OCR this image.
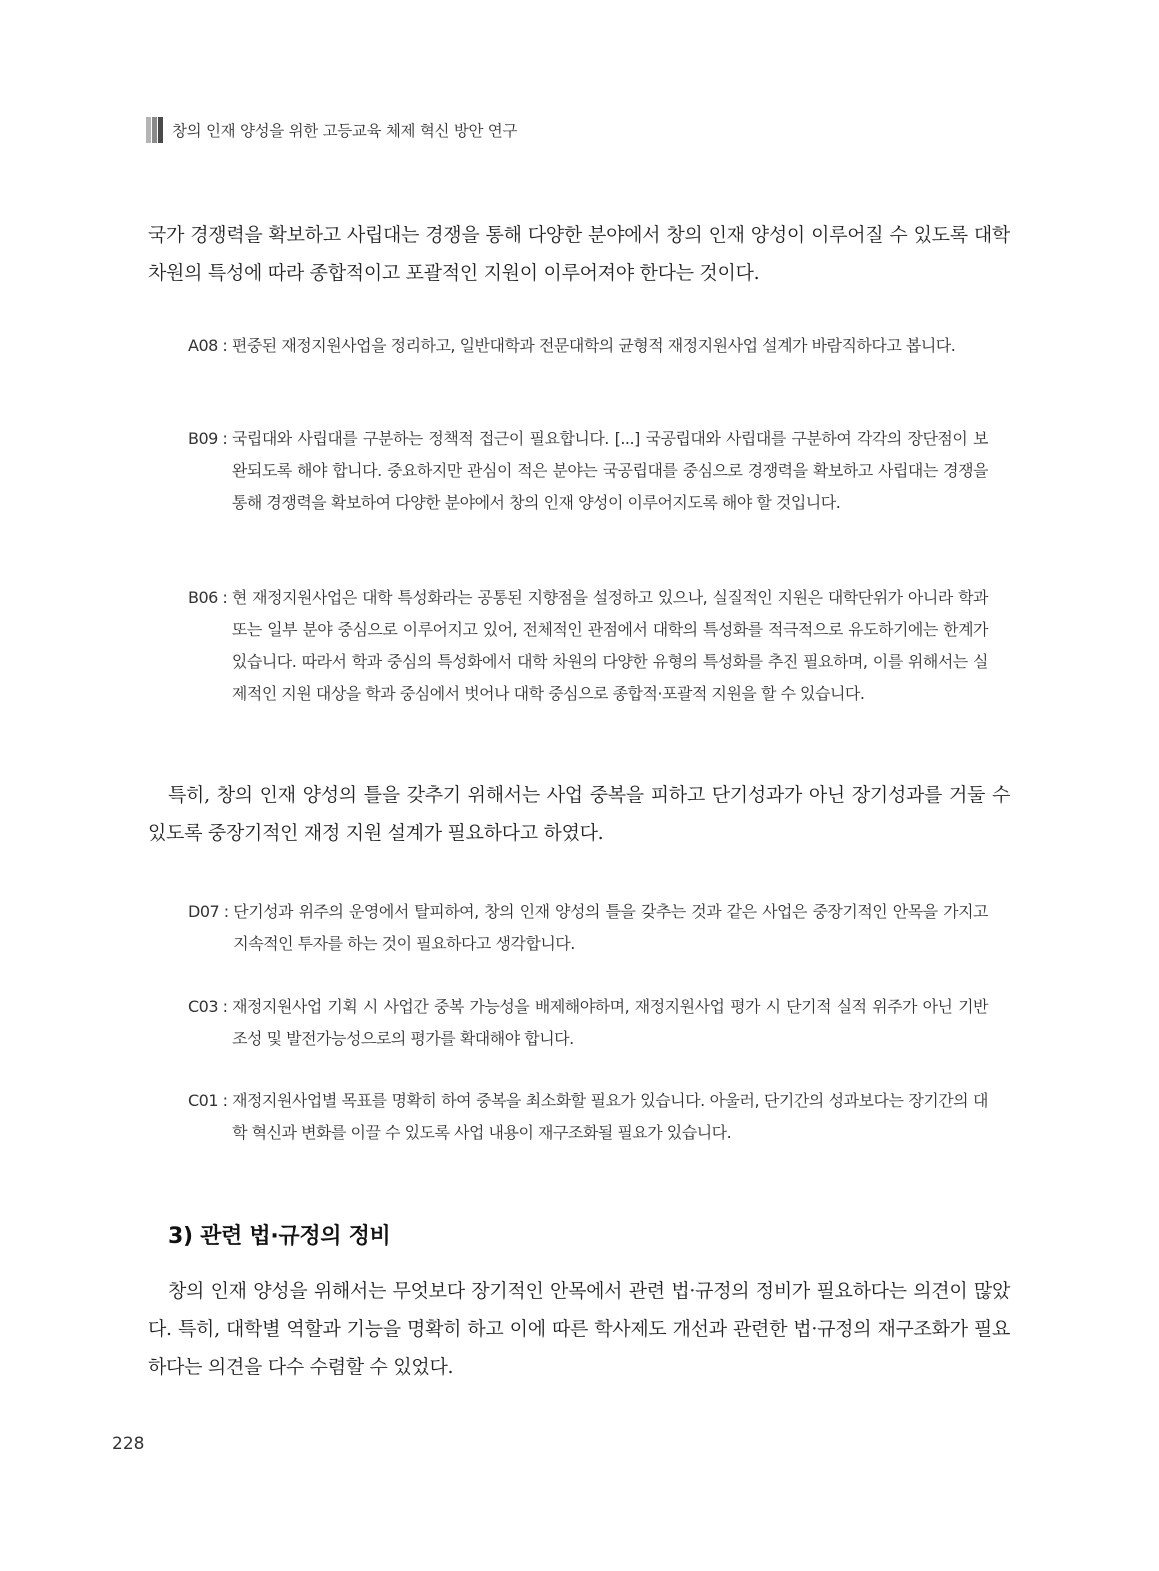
창의 인재 양성을 위한 고등교육 체제 혁신 방안 연구

국가 경쟁력을 확보하고 사립대는 경쟁을 통해 다양한 분야에서 창의 인재 양성이 이루어질 수 있도록 대학 차원의 특성에 따라 종합적이고 포괄적인 지원이 이루어져야 한다는 것이다.

A08 : 편중된 재정지원사업을 정리하고, 일반대학과 전문대학의 균형적 재정지원사업 설계가 바람직하다고 봅니다.
B09 : 국립대와 사립대를 구분하는 정책적 접근이 필요합니다. [...] 국공립대와 사립대를 구분하여 각각의 장단점이 보완되도록 해야 합니다. 중요하지만 관심이 적은 분야는 국공립대를 중심으로 경쟁력을 확보하고 사립대는 경쟁을 통해 경쟁력을 확보하여 다양한 분야에서 창의 인재 양성이 이루어지도록 해야 할 것입니다.
B06 : 현 재정지원사업은 대학 특성화라는 공통된 지향점을 설정하고 있으나, 실질적인 지원은 대학단위가 아니라 학과 또는 일부 분야 중심으로 이루어지고 있어, 전체적인 관점에서 대학의 특성화를 적극적으로 유도하기에는 한계가 있습니다. 따라서 학과 중심의 특성화에서 대학 차원의 다양한 유형의 특성화를 추진 필요하며, 이를 위해서는 실제적인 지원 대상을 학과 중심에서 벗어나 대학 중심으로 종합적·포괄적 지원을 할 수 있습니다.

특히, 창의 인재 양성의 틀을 갖추기 위해서는 사업 중복을 피하고 단기성과가 아닌 장기성과를 거둘 수 있도록 중장기적인 재정 지원 설계가 필요하다고 하였다.

D07 : 단기성과 위주의 운영에서 탈피하여, 창의 인재 양성의 틀을 갖추는 것과 같은 사업은 중장기적인 안목을 가지고 지속적인 투자를 하는 것이 필요하다고 생각합니다.
C03 : 재정지원사업 기획 시 사업간 중복 가능성을 배제해야하며, 재정지원사업 평가 시 단기적 실적 위주가 아닌 기반 조성 및 발전가능성으로의 평가를 확대해야 합니다.
C01 : 재정지원사업별 목표를 명확히 하여 중복을 최소화할 필요가 있습니다. 아울러, 단기간의 성과보다는 장기간의 대학 혁신과 변화를 이끌 수 있도록 사업 내용이 재구조화될 필요가 있습니다.
3) 관련 법·규정의 정비

창의 인재 양성을 위해서는 무엇보다 장기적인 안목에서 관련 법·규정의 정비가 필요하다는 의견이 많았다. 특히, 대학별 역할과 기능을 명확히 하고 이에 따른 학사제도 개선과 관련한 법·규정의 재구조화가 필요하다는 의견을 다수 수렴할 수 있었다.

228
